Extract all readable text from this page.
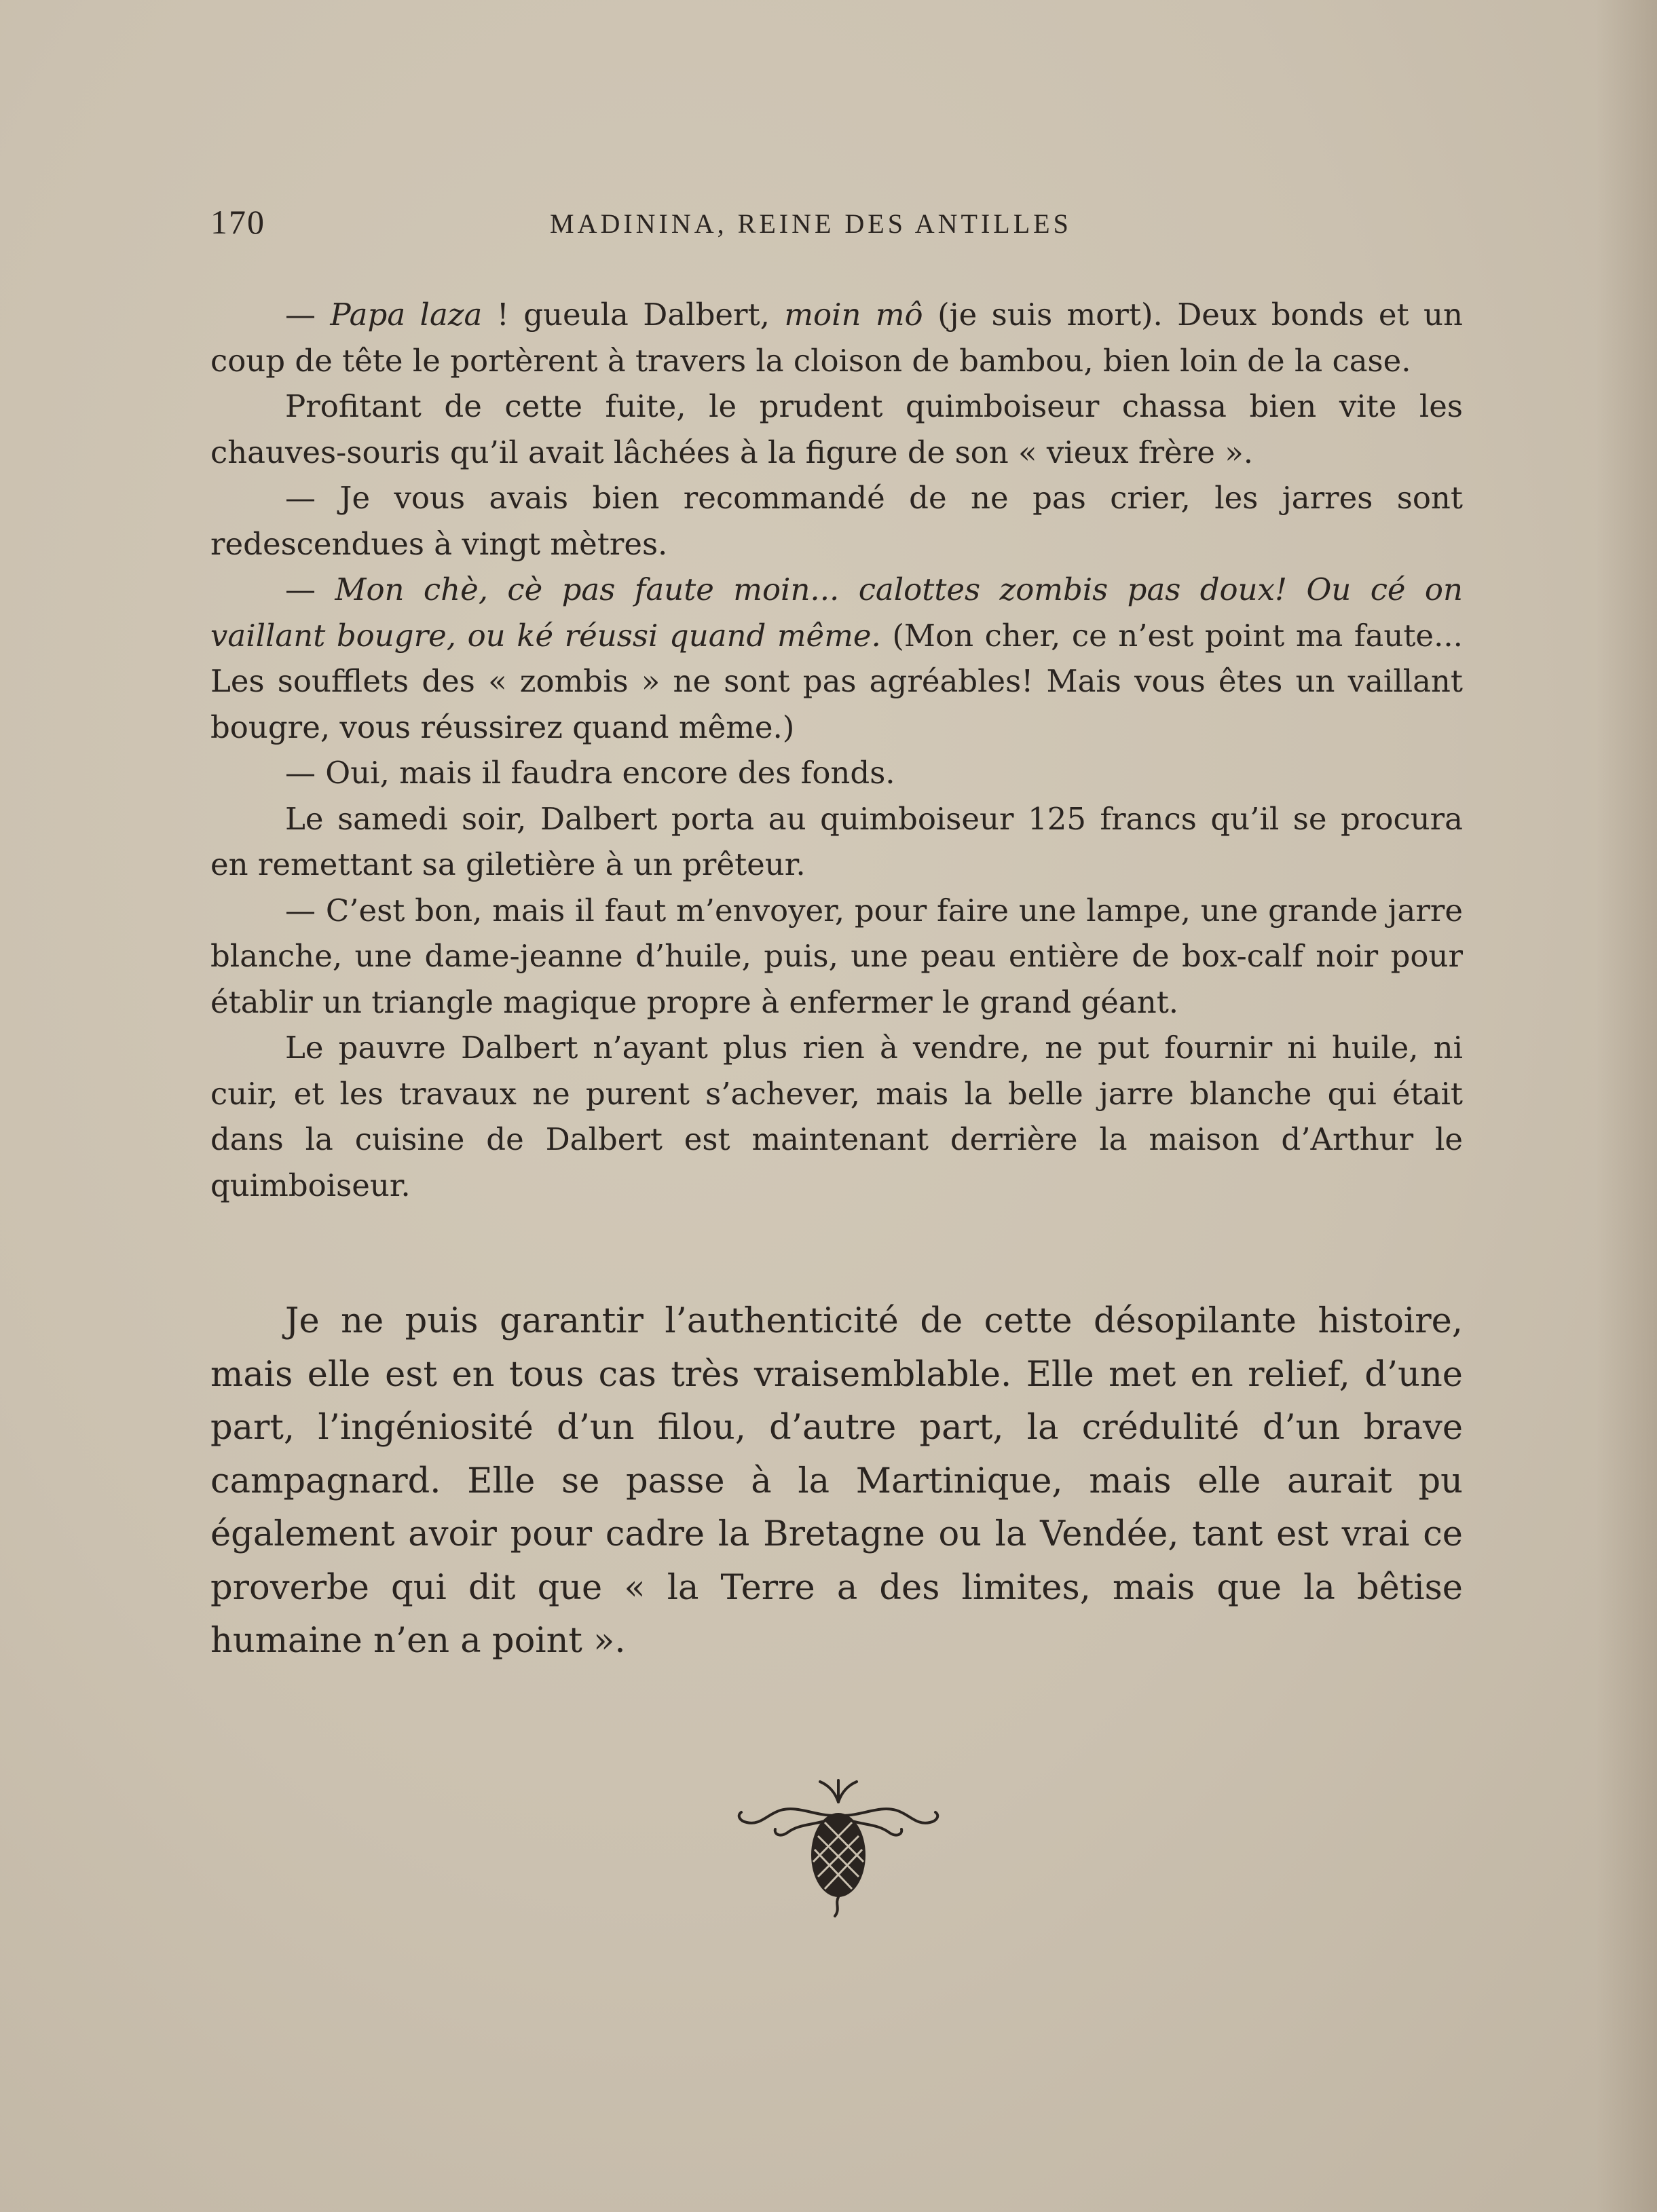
170	MADININA, REINE DES ANTILLES

— Papa laza ! gueula Dalbert, moin mô (je suis mort). Deux bonds et un coup de tête le portèrent à travers la cloison de bambou, bien loin de la case.

Profitant de cette fuite, le prudent quimboiseur chassa bien vite les chauves-souris qu’il avait lâchées à la figure de son « vieux frère ».

— Je vous avais bien recommandé de ne pas crier, les jarres sont redescendues à vingt mètres.

— Mon chè, cè pas faute moin... calottes zombis pas doux! Ou cé on vaillant bougre, ou ké réussi quand même. (Mon cher, ce n’est point ma faute... Les soufflets des « zombis » ne sont pas agréables! Mais vous êtes un vaillant bougre, vous réussirez quand même.)

— Oui, mais il faudra encore des fonds.

Le samedi soir, Dalbert porta au quimboiseur 125 francs qu’il se procura en remettant sa giletière à un prêteur.

— C’est bon, mais il faut m’envoyer, pour faire une lampe, une grande jarre blanche, une dame-jeanne d’huile, puis, une peau entière de box-calf noir pour établir un triangle magique propre à enfermer le grand géant.

Le pauvre Dalbert n’ayant plus rien à vendre, ne put fournir ni huile, ni cuir, et les travaux ne purent s’achever, mais la belle jarre blanche qui était dans la cuisine de Dalbert est maintenant derrière la maison d’Arthur le quimboiseur.

Je ne puis garantir l’authenticité de cette désopilante histoire, mais elle est en tous cas très vraisemblable. Elle met en relief, d’une part, l’ingéniosité d’un filou, d’autre part, la crédulité d’un brave campagnard. Elle se passe à la Martinique, mais elle aurait pu également avoir pour cadre la Bretagne ou la Vendée, tant est vrai ce proverbe qui dit que « la Terre a des limites, mais que la bêtise humaine n’en a point ».
